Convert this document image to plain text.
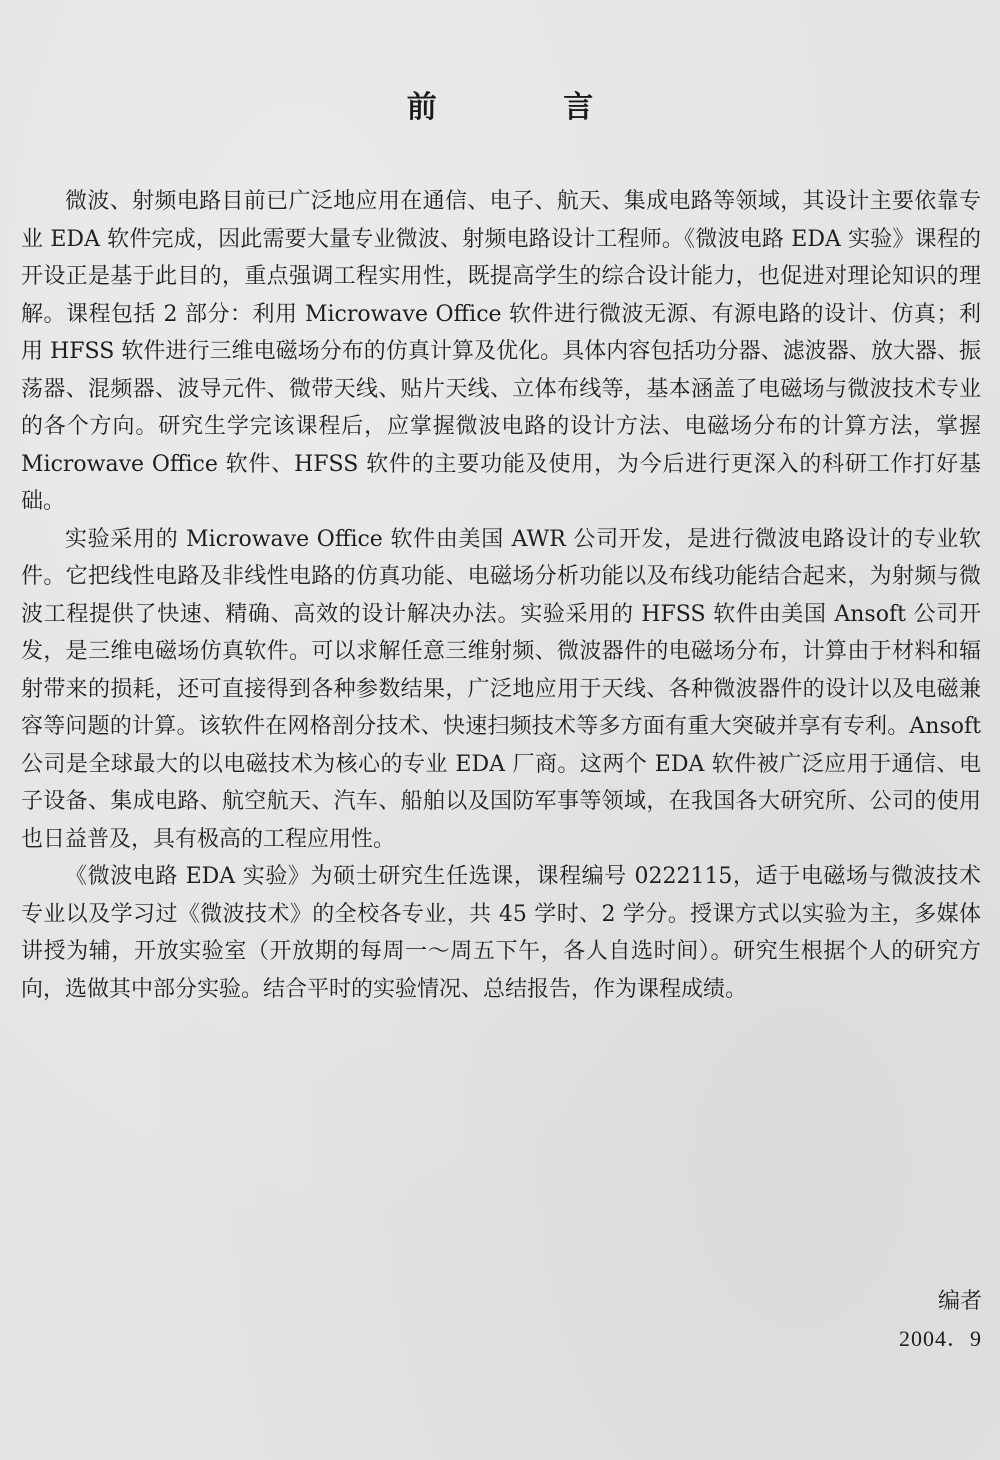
前 言

微波、射频电路目前已广泛地应用在通信、电子、航天、集成电路等领域，其设计主要依靠专业 EDA 软件完成，因此需要大量专业微波、射频电路设计工程师。《微波电路 EDA 实验》课程的开设正是基于此目的，重点强调工程实用性，既提高学生的综合设计能力，也促进对理论知识的理解。课程包括 2 部分：利用 Microwave Office 软件进行微波无源、有源电路的设计、仿真；利用 HFSS 软件进行三维电磁场分布的仿真计算及优化。具体内容包括功分器、滤波器、放大器、振荡器、混频器、波导元件、微带天线、贴片天线、立体布线等，基本涵盖了电磁场与微波技术专业的各个方向。研究生学完该课程后，应掌握微波电路的设计方法、电磁场分布的计算方法，掌握 Microwave Office 软件、HFSS 软件的主要功能及使用，为今后进行更深入的科研工作打好基础。

实验采用的 Microwave Office 软件由美国 AWR 公司开发，是进行微波电路设计的专业软件。它把线性电路及非线性电路的仿真功能、电磁场分析功能以及布线功能结合起来，为射频与微波工程提供了快速、精确、高效的设计解决办法。实验采用的 HFSS 软件由美国 Ansoft 公司开发，是三维电磁场仿真软件。可以求解任意三维射频、微波器件的电磁场分布，计算由于材料和辐射带来的损耗，还可直接得到各种参数结果，广泛地应用于天线、各种微波器件的设计以及电磁兼容等问题的计算。该软件在网格剖分技术、快速扫频技术等多方面有重大突破并享有专利。Ansoft 公司是全球最大的以电磁技术为核心的专业 EDA 厂商。这两个 EDA 软件被广泛应用于通信、电子设备、集成电路、航空航天、汽车、船舶以及国防军事等领域，在我国各大研究所、公司的使用也日益普及，具有极高的工程应用性。

《微波电路 EDA 实验》为硕士研究生任选课，课程编号 0222115，适于电磁场与微波技术专业以及学习过《微波技术》的全校各专业，共 45 学时、2 学分。授课方式以实验为主，多媒体讲授为辅，开放实验室（开放期的每周一～周五下午，各人自选时间）。研究生根据个人的研究方向，选做其中部分实验。结合平时的实验情况、总结报告，作为课程成绩。

编者
2004．9
